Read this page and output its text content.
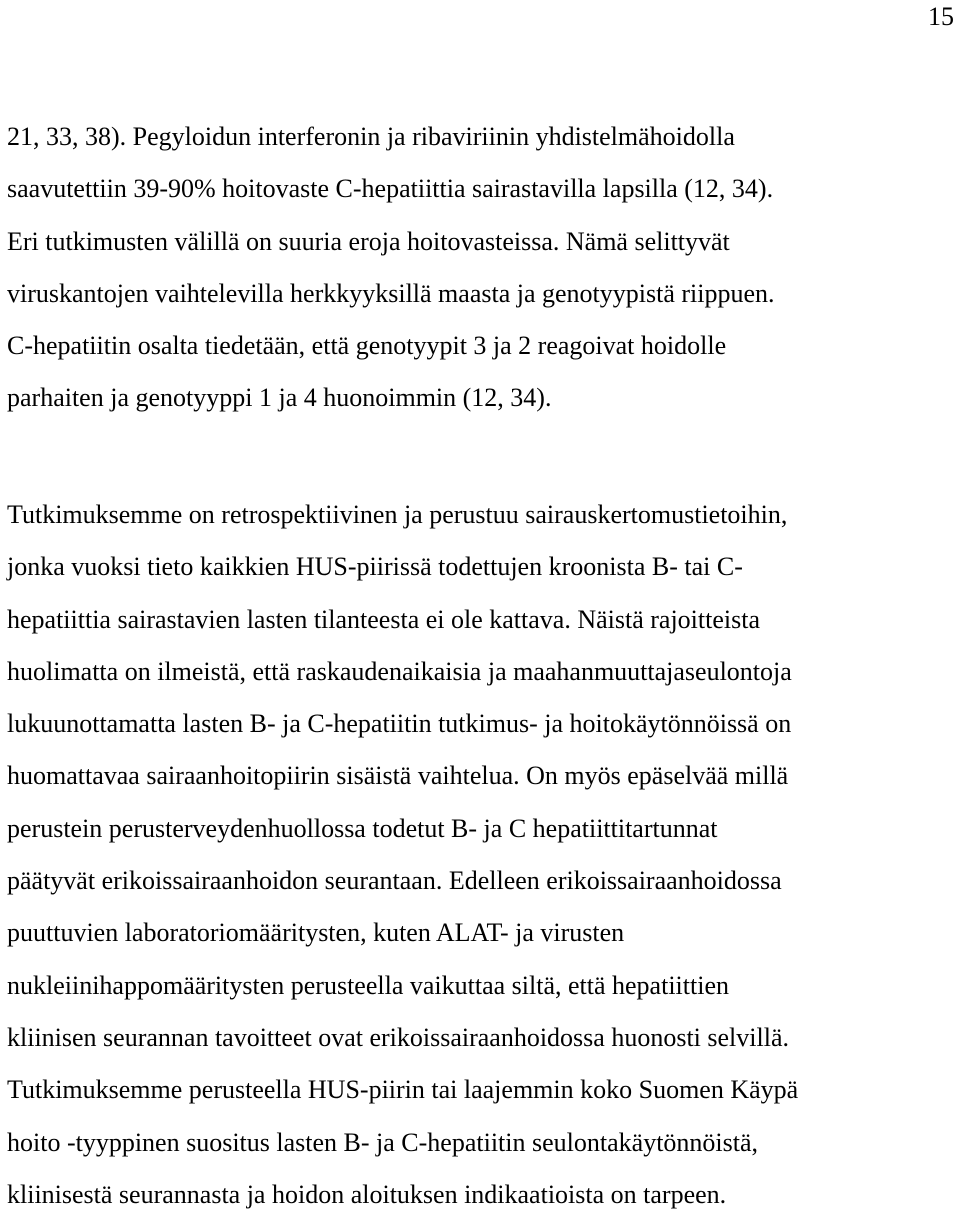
15
21, 33, 38). Pegyloidun interferonin ja ribaviriinin yhdistelmähoidolla
saavutettiin 39-90% hoitovaste C-hepatiittia sairastavilla lapsilla (12, 34).
Eri tutkimusten välillä on suuria eroja hoitovasteissa. Nämä selittyvät
viruskantojen vaihtelevilla herkkyyksillä maasta ja genotyypistä riippuen.
C-hepatiitin osalta tiedetään, että genotyypit 3 ja 2 reagoivat hoidolle
parhaiten ja genotyyppi 1 ja 4 huonoimmin (12, 34).
Tutkimuksemme on retrospektiivinen ja perustuu sairauskertomustietoihin,
jonka vuoksi tieto kaikkien HUS-piirissä todettujen kroonista B- tai C-
hepatiittia sairastavien lasten tilanteesta ei ole kattava. Näistä rajoitteista
huolimatta on ilmeistä, että raskaudenaikaisia ja maahanmuuttajaseulontoja
lukuunottamatta lasten B- ja C-hepatiitin tutkimus- ja hoitokäytönnöissä on
huomattavaa sairaanhoitopiirin sisäistä vaihtelua. On myös epäselvää millä
perustein perusterveydenhuollossa todetut B- ja C hepatiittitartunnat
päätyvät erikoissairaanhoidon seurantaan. Edelleen erikoissairaanhoidossa
puuttuvien laboratoriomääritysten, kuten ALAT- ja virusten
nukleiinihappomääritysten perusteella vaikuttaa siltä, että hepatiittien
kliinisen seurannan tavoitteet ovat erikoissairaanhoidossa huonosti selvillä.
Tutkimuksemme perusteella HUS-piirin tai laajemmin koko Suomen Käypä
hoito -tyyppinen suositus lasten B- ja C-hepatiitin seulontakäytönnöistä,
kliinisestä seurannasta ja hoidon aloituksen indikaatioista on tarpeen.
